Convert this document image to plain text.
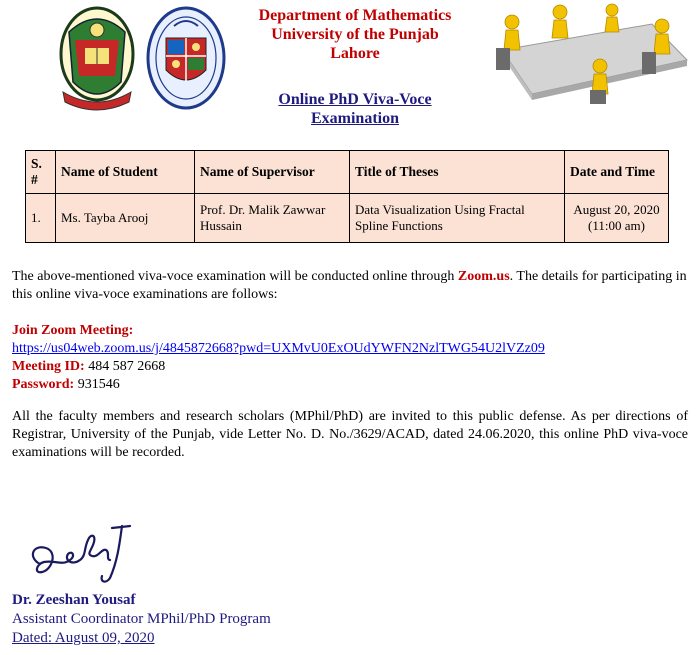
Department of Mathematics
University of the Punjab
Lahore
Online PhD Viva-Voce
Examination
S. #	Name of Student	Name of Supervisor	Title of Theses	Date and Time
1.	Ms. Tayba Arooj	Prof. Dr. Malik Zawwar Hussain	Data Visualization Using Fractal Spline Functions	August 20, 2020
(11:00 am)
The above-mentioned viva-voce examination will be conducted online through Zoom.us. The details for participating in this online viva-voce examinations are follows:
Join Zoom Meeting:
https://us04web.zoom.us/j/4845872668?pwd=UXMvU0ExOUdYWFN2NzlTWG54U2lVZz09
Meeting ID: 484 587 2668
Password: 931546
All the faculty members and research scholars (MPhil/PhD) are invited to this public defense. As per directions of Registrar, University of the Punjab, vide Letter No. D. No./3629/ACAD, dated 24.06.2020, this online PhD viva-voce examinations will be recorded.
Dr. Zeeshan Yousaf
Assistant Coordinator MPhil/PhD Program
Dated: August 09, 2020
